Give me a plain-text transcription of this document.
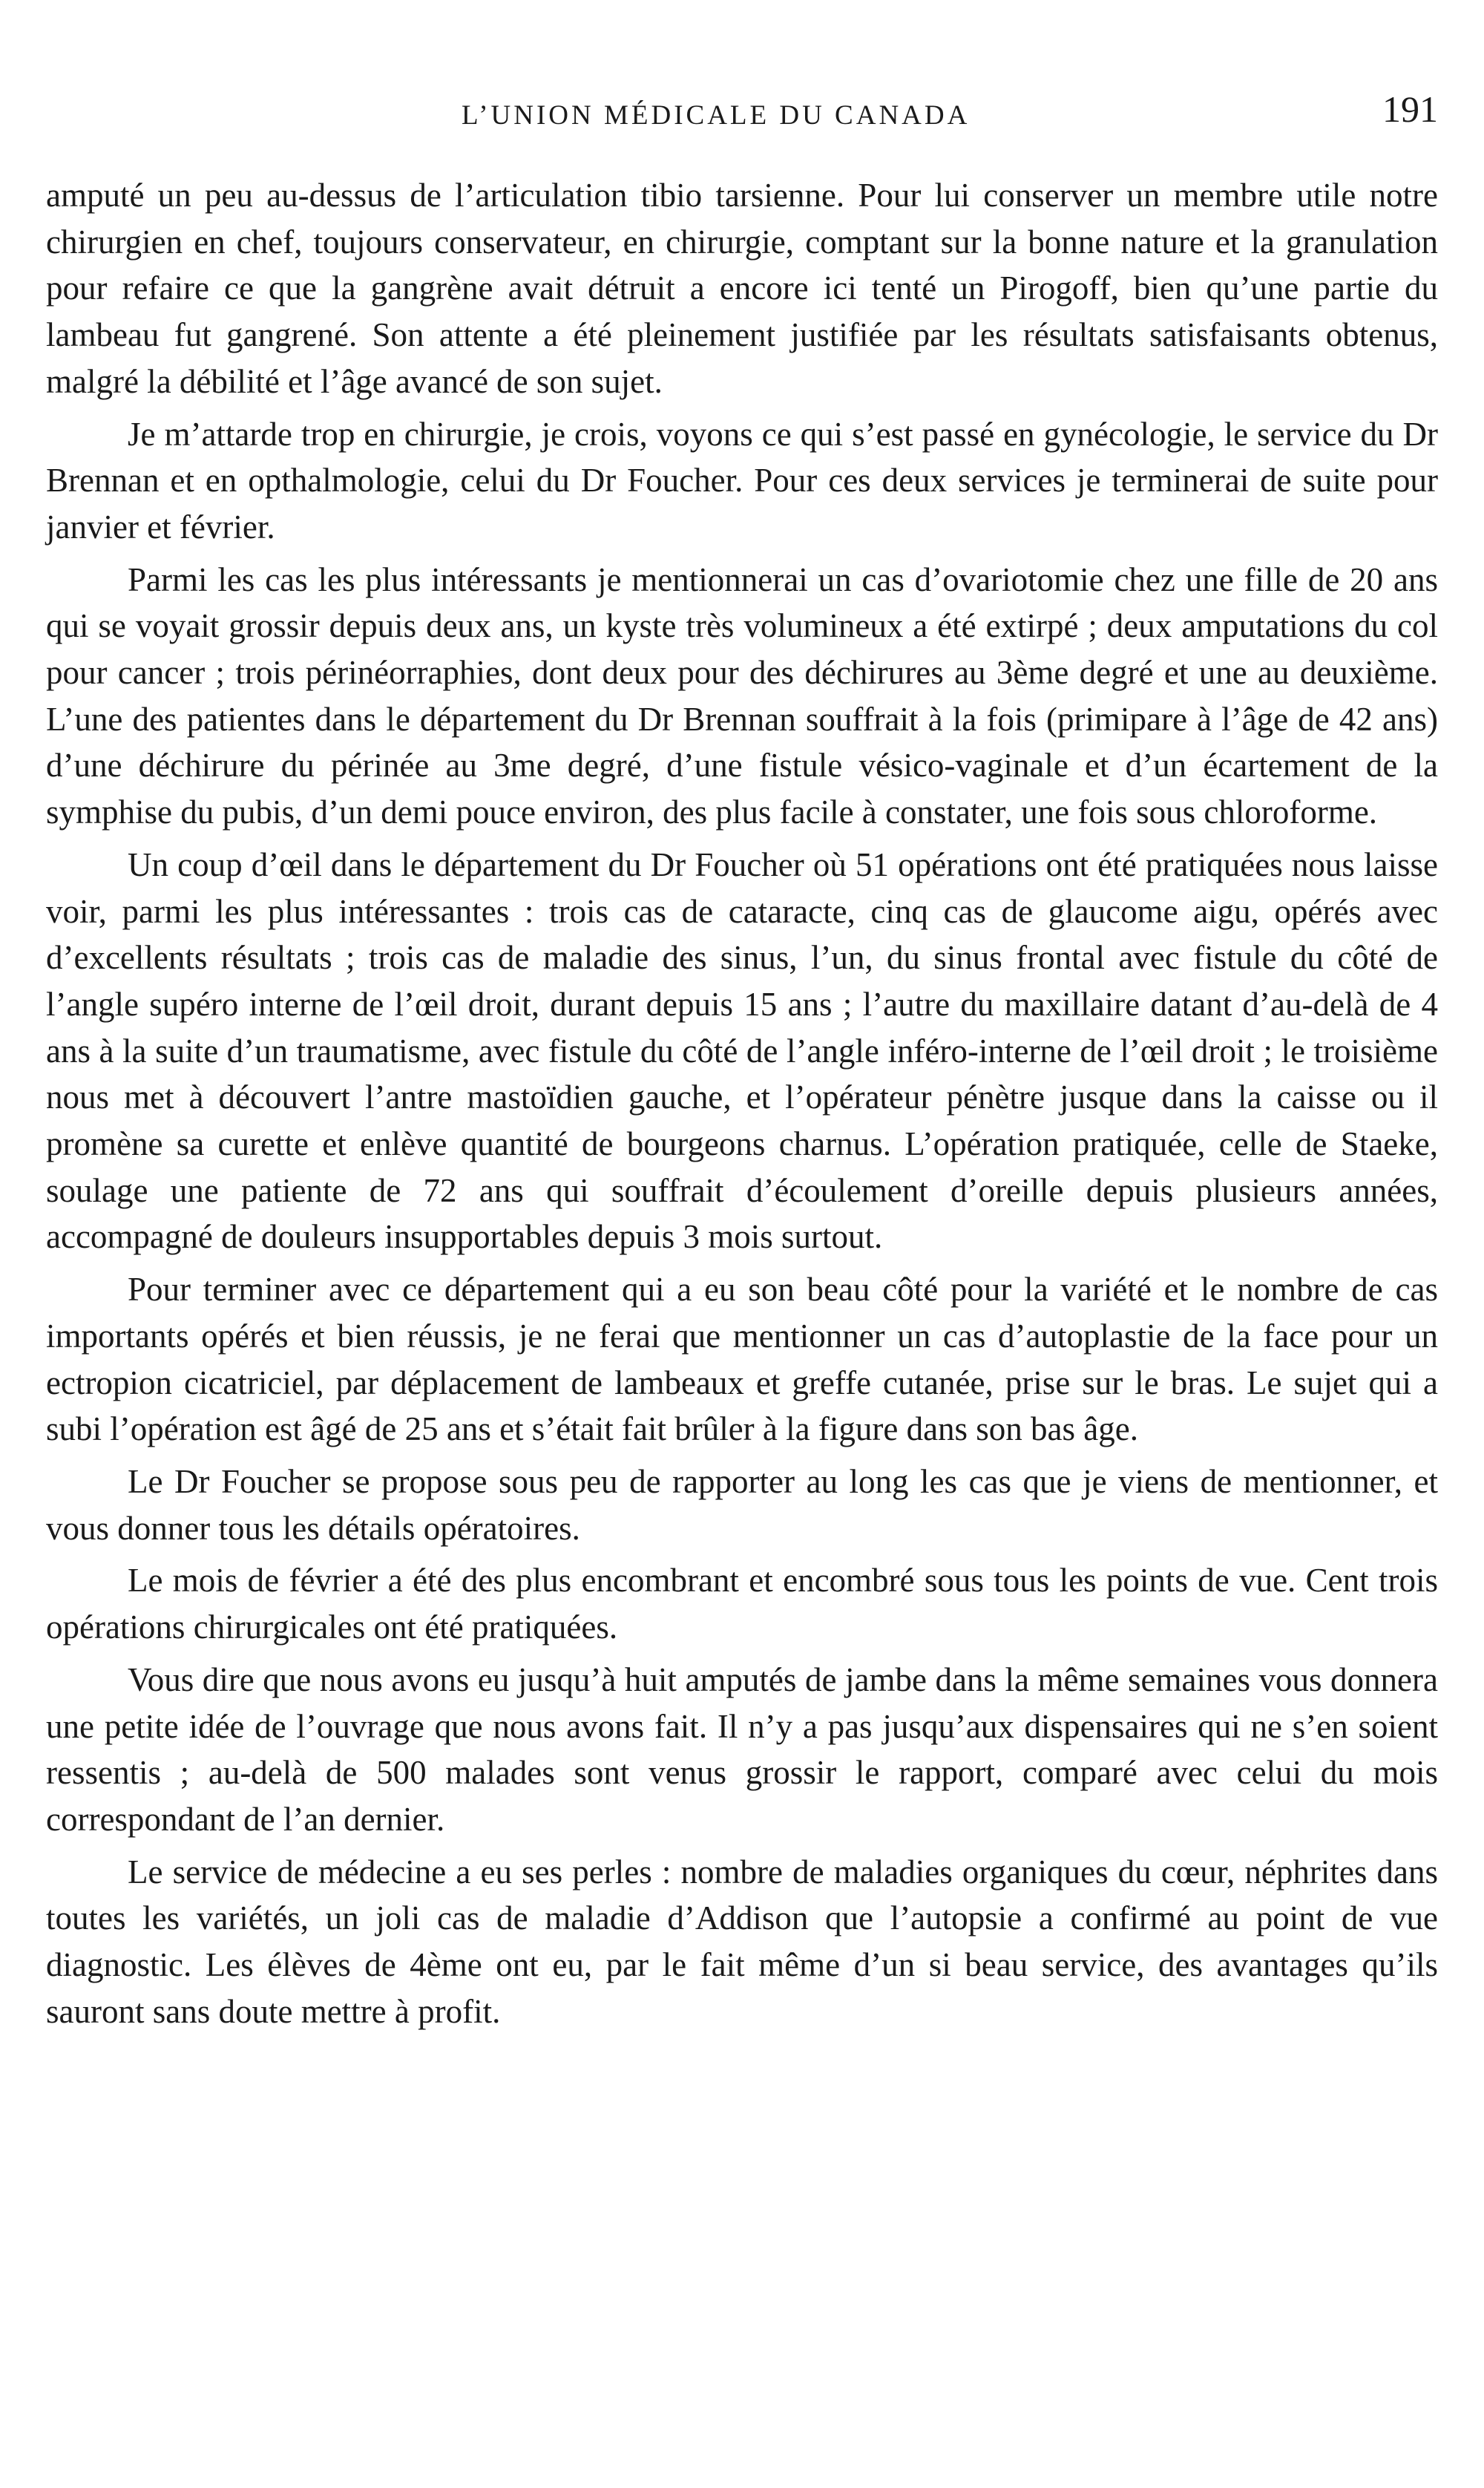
L’UNION MÉDICALE DU CANADA	191

amputé un peu au-dessus de l’articulation tibio tarsienne. Pour lui conserver un membre utile notre chirurgien en chef, toujours conservateur, en chirurgie, comptant sur la bonne nature et la granulation pour refaire ce que la gangrène avait détruit a encore ici tenté un Pirogoff, bien qu’une partie du lambeau fut gangrené. Son attente a été pleinement justifiée par les résultats satisfaisants obtenus, malgré la débilité et l’âge avancé de son sujet.

Je m’attarde trop en chirurgie, je crois, voyons ce qui s’est passé en gynécologie, le service du Dr Brennan et en opthalmologie, celui du Dr Foucher. Pour ces deux services je terminerai de suite pour janvier et février.

Parmi les cas les plus intéressants je mentionnerai un cas d’ovariotomie chez une fille de 20 ans qui se voyait grossir depuis deux ans, un kyste très volumineux a été extirpé ; deux amputations du col pour cancer ; trois périnéorraphies, dont deux pour des déchirures au 3ème degré et une au deuxième. L’une des patientes dans le département du Dr Brennan souffrait à la fois (primipare à l’âge de 42 ans) d’une déchirure du périnée au 3me degré, d’une fistule vésico-vaginale et d’un écartement de la symphise du pubis, d’un demi pouce environ, des plus facile à constater, une fois sous chloroforme.

Un coup d’œil dans le département du Dr Foucher où 51 opérations ont été pratiquées nous laisse voir, parmi les plus intéressantes : trois cas de cataracte, cinq cas de glaucome aigu, opérés avec d’excellents résultats ; trois cas de maladie des sinus, l’un, du sinus frontal avec fistule du côté de l’angle supéro interne de l’œil droit, durant depuis 15 ans ; l’autre du maxillaire datant d’au-delà de 4 ans à la suite d’un traumatisme, avec fistule du côté de l’angle inféro-interne de l’œil droit ; le troisième nous met à découvert l’antre mastoïdien gauche, et l’opérateur pénètre jusque dans la caisse ou il promène sa curette et enlève quantité de bourgeons charnus. L’opération pratiquée, celle de Staeke, soulage une patiente de 72 ans qui souffrait d’écoulement d’oreille depuis plusieurs années, accompagné de douleurs insupportables depuis 3 mois surtout.

Pour terminer avec ce département qui a eu son beau côté pour la variété et le nombre de cas importants opérés et bien réussis, je ne ferai que mentionner un cas d’autoplastie de la face pour un ectropion cicatriciel, par déplacement de lambeaux et greffe cutanée, prise sur le bras. Le sujet qui a subi l’opération est âgé de 25 ans et s’était fait brûler à la figure dans son bas âge.

Le Dr Foucher se propose sous peu de rapporter au long les cas que je viens de mentionner, et vous donner tous les détails opératoires.

Le mois de février a été des plus encombrant et encombré sous tous les points de vue. Cent trois opérations chirurgicales ont été pratiquées.

Vous dire que nous avons eu jusqu’à huit amputés de jambe dans la même semaines vous donnera une petite idée de l’ouvrage que nous avons fait. Il n’y a pas jusqu’aux dispensaires qui ne s’en soient ressentis ; au-delà de 500 malades sont venus grossir le rapport, comparé avec celui du mois correspondant de l’an dernier.

Le service de médecine a eu ses perles : nombre de maladies organiques du cœur, néphrites dans toutes les variétés, un joli cas de maladie d’Addison que l’autopsie a confirmé au point de vue diagnostic. Les élèves de 4ème ont eu, par le fait même d’un si beau service, des avantages qu’ils sauront sans doute mettre à profit.
